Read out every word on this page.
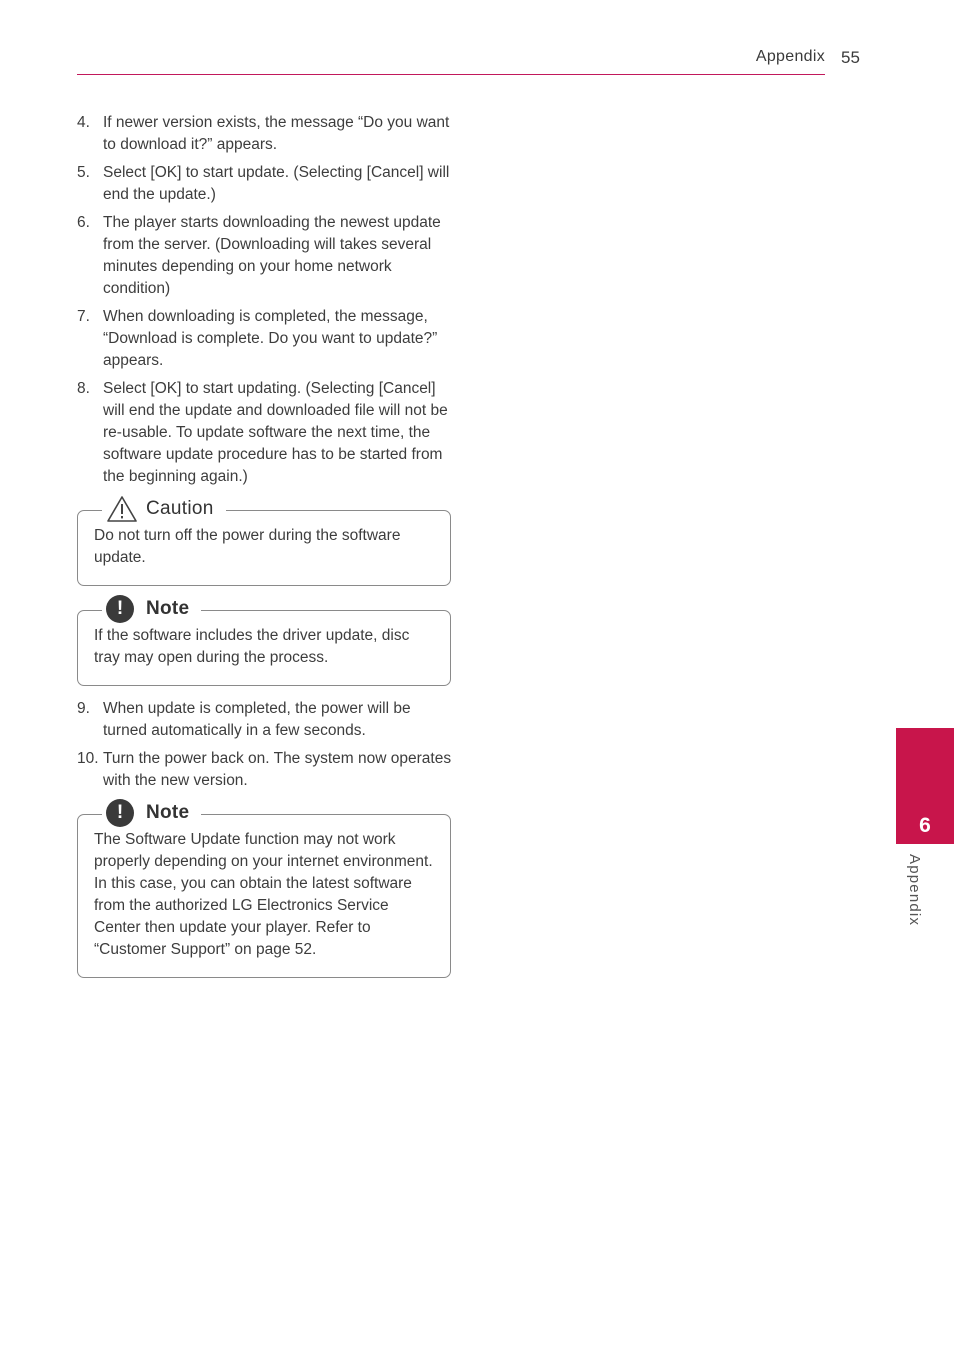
Appendix 55
4. If newer version exists, the message “Do you want to download it?” appears.
5. Select [OK] to start update. (Selecting [Cancel] will end the update.)
6. The player starts downloading the newest update from the server. (Downloading will takes several minutes depending on your home network condition)
7. When downloading is completed, the message, “Download is complete. Do you want to update?” appears.
8. Select [OK] to start updating. (Selecting [Cancel] will end the update and downloaded file will not be re-usable. To update software the next time, the software update procedure has to be started from the beginning again.)
Caution
Do not turn off the power during the software update.
!	Note
If the software includes the driver update, disc tray may open during the process.
9. When update is completed, the power will be turned automatically in a few seconds.
10. Turn the power back on. The system now operates with the new version.
!	Note
The Software Update function may not work properly depending on your internet environment. In this case, you can obtain the latest software from the authorized LG Electronics Service Center then update your player. Refer to “Customer Support” on page 52.
6
Appendix
